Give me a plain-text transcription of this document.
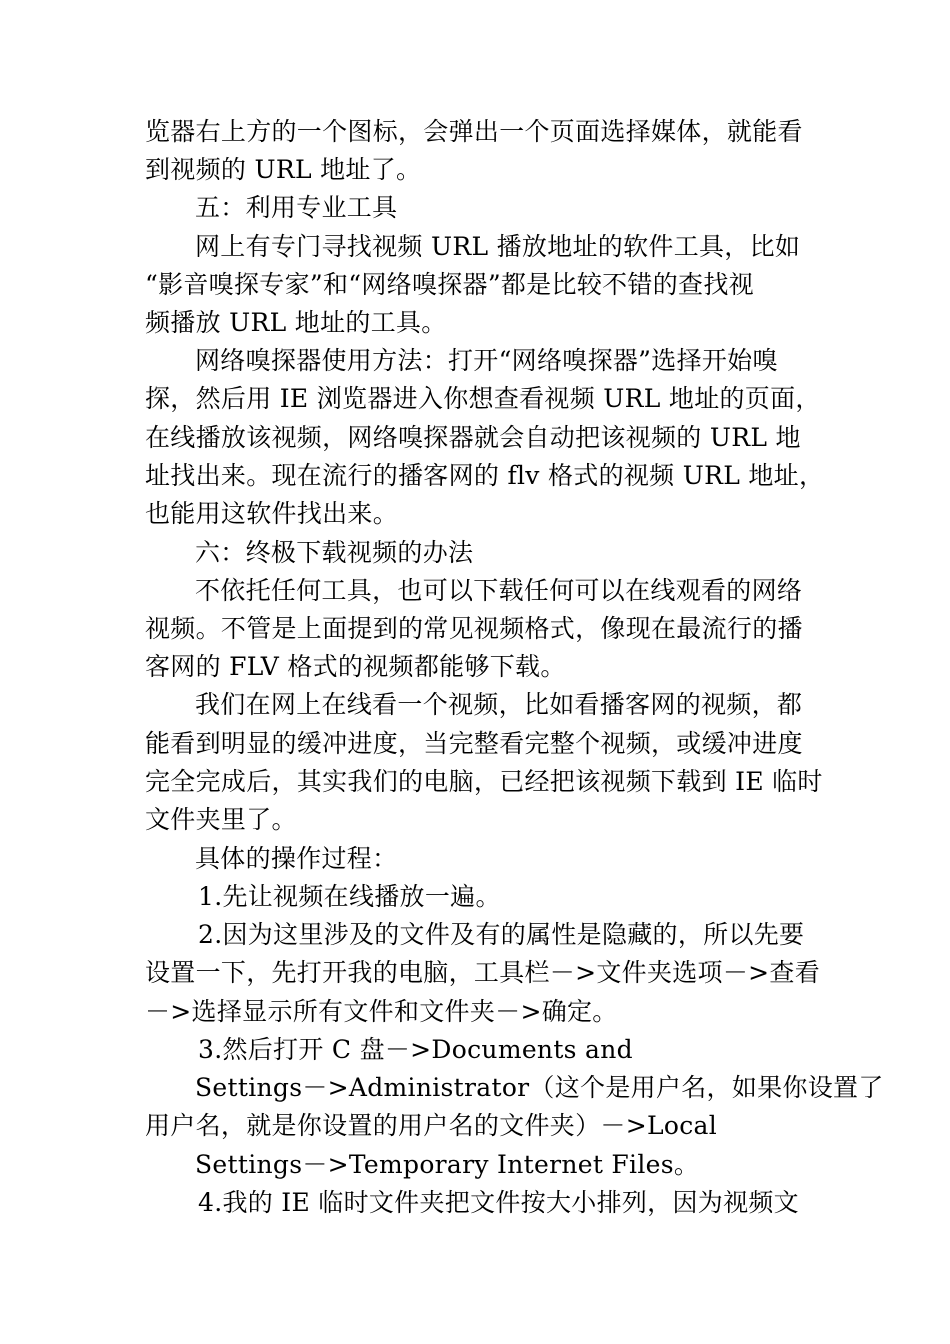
览器右上方的一个图标，会弹出一个页面选择媒体，就能看
到视频的 URL 地址了。
五：利用专业工具
网上有专门寻找视频 URL 播放地址的软件工具，比如
“影音嗅探专家”和“网络嗅探器”都是比较不错的查找视
频播放 URL 地址的工具。
网络嗅探器使用方法：打开“网络嗅探器”选择开始嗅
探，然后用 IE 浏览器进入你想查看视频 URL 地址的页面，
在线播放该视频，网络嗅探器就会自动把该视频的 URL 地
址找出来。现在流行的播客网的 flv 格式的视频 URL 地址，
也能用这软件找出来。
六：终极下载视频的办法
不依托任何工具，也可以下载任何可以在线观看的网络
视频。不管是上面提到的常见视频格式，像现在最流行的播
客网的 FLV 格式的视频都能够下载。
我们在网上在线看一个视频，比如看播客网的视频，都
能看到明显的缓冲进度，当完整看完整个视频，或缓冲进度
完全完成后，其实我们的电脑，已经把该视频下载到 IE 临时
文件夹里了。
具体的操作过程：
1.先让视频在线播放一遍。
2.因为这里涉及的文件及有的属性是隐藏的，所以先要
设置一下，先打开我的电脑，工具栏－>文件夹选项－>查看
－>选择显示所有文件和文件夹－>确定。
3.然后打开 C 盘－>Documents and
Settings－>Administrator（这个是用户名，如果你设置了
用户名，就是你设置的用户名的文件夹）－>Local
Settings－>Temporary Internet Files。
4.我的 IE 临时文件夹把文件按大小排列，因为视频文
